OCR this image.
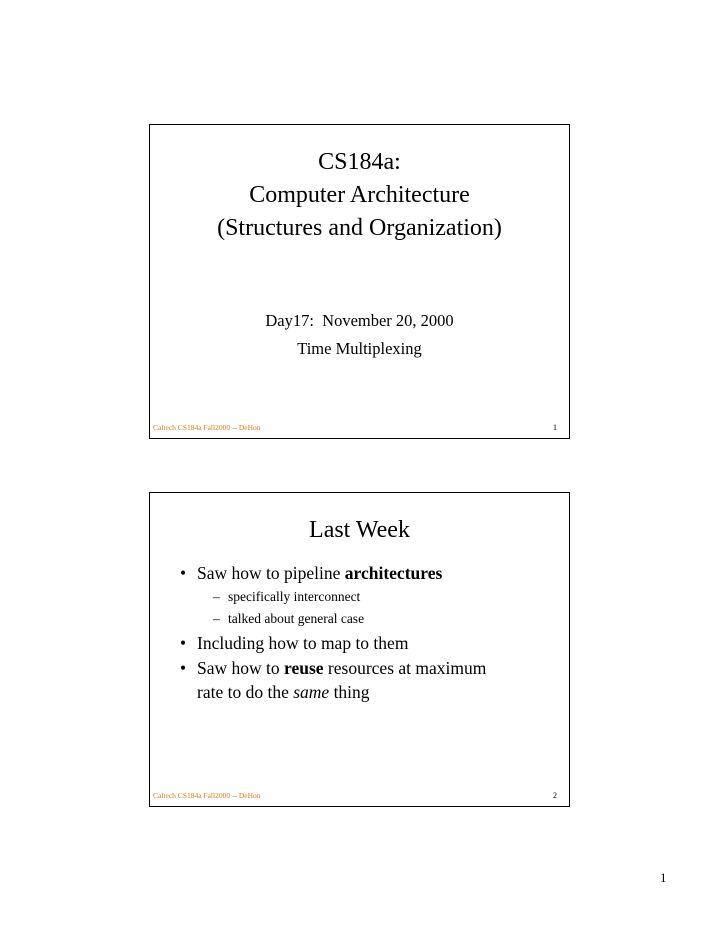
CS184a:
Computer Architecture
(Structures and Organization)
Day17:  November 20, 2000
Time Multiplexing
Caltech CS184a Fall2000 -- DeHon	1
Last Week
• Saw how to pipeline architectures
– specifically interconnect
– talked about general case
• Including how to map to them
• Saw how to reuse resources at maximum
rate to do the same thing
Caltech CS184a Fall2000 -- DeHon	2
1
